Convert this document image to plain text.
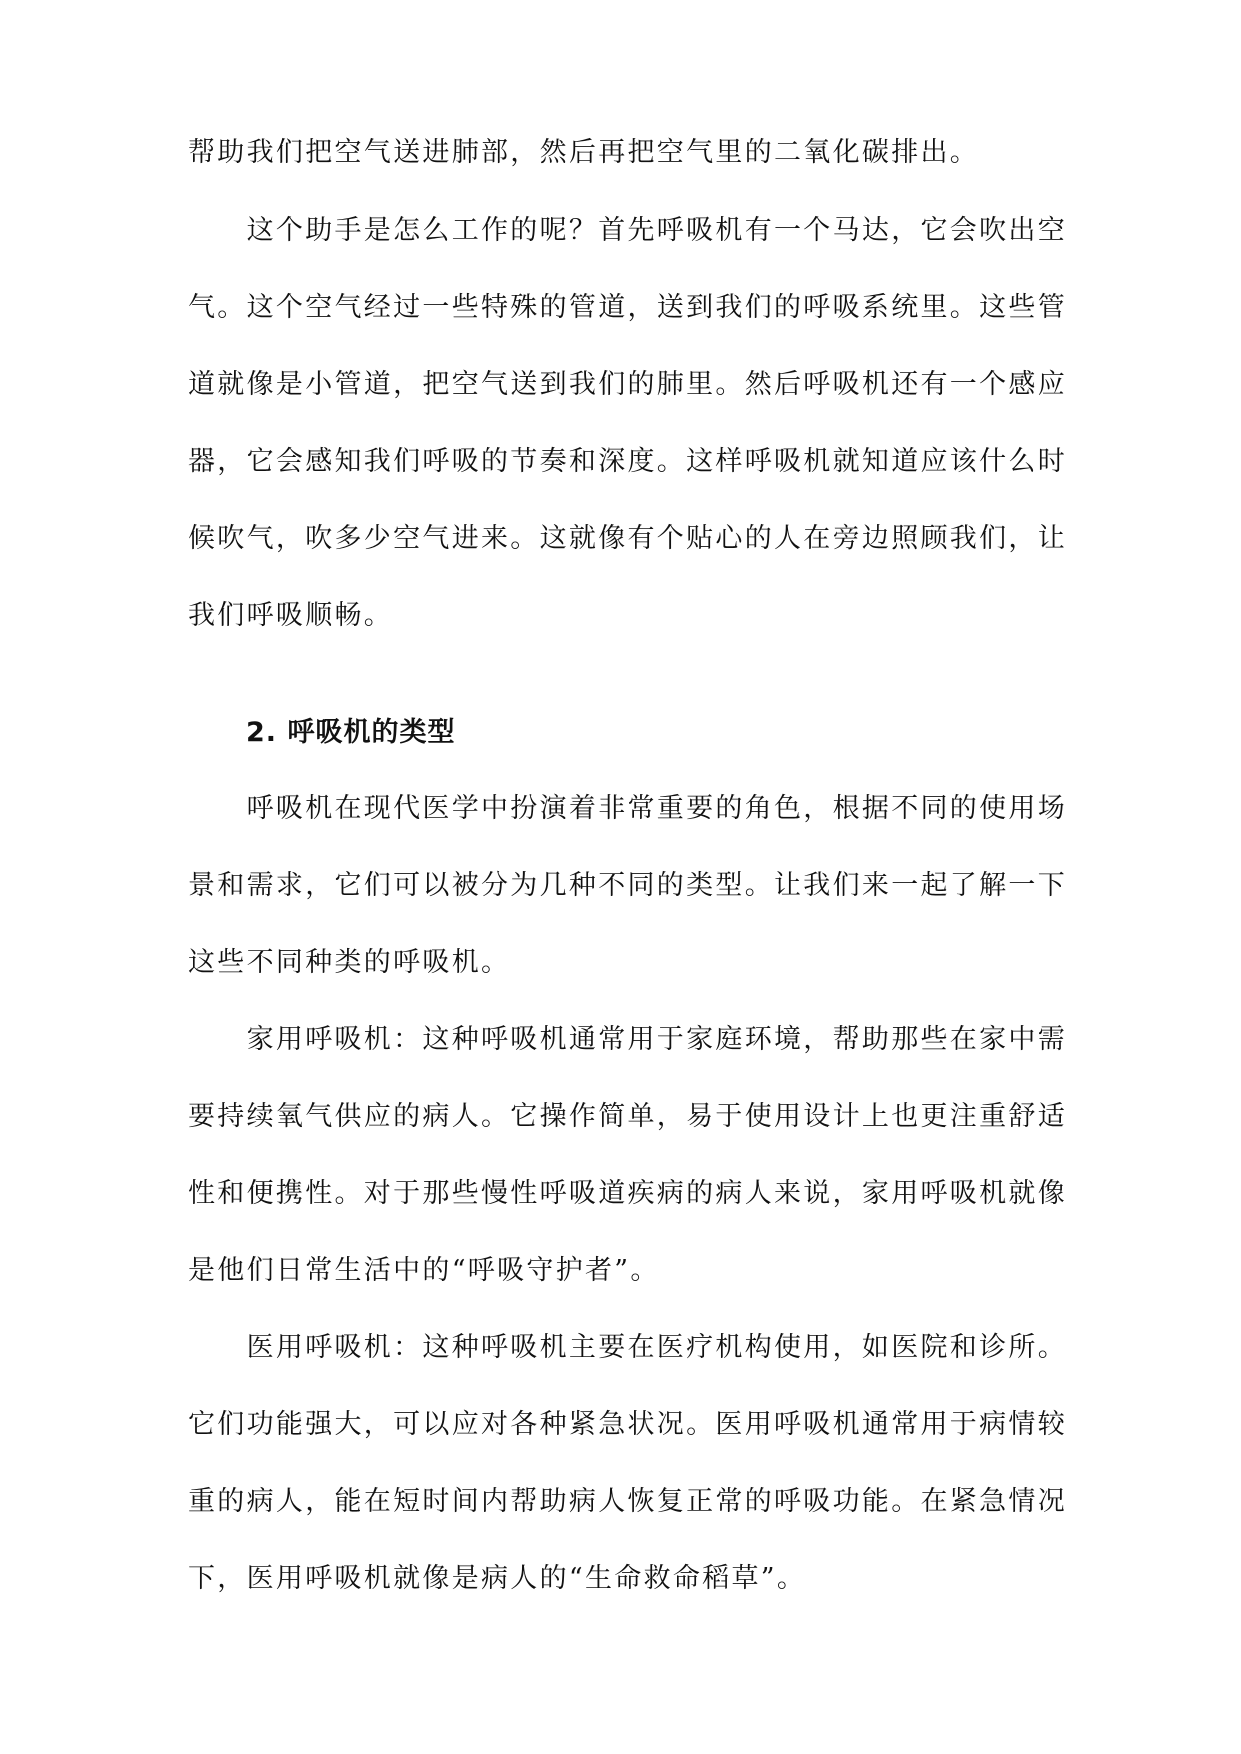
帮助我们把空气送进肺部，然后再把空气里的二氧化碳排出。
　　这个助手是怎么工作的呢？首先呼吸机有一个马达，它会吹出空
气。这个空气经过一些特殊的管道，送到我们的呼吸系统里。这些管
道就像是小管道，把空气送到我们的肺里。然后呼吸机还有一个感应
器，它会感知我们呼吸的节奏和深度。这样呼吸机就知道应该什么时
候吹气，吹多少空气进来。这就像有个贴心的人在旁边照顾我们，让
我们呼吸顺畅。
2. 呼吸机的类型
　　呼吸机在现代医学中扮演着非常重要的角色，根据不同的使用场
景和需求，它们可以被分为几种不同的类型。让我们来一起了解一下
这些不同种类的呼吸机。
　　家用呼吸机：这种呼吸机通常用于家庭环境，帮助那些在家中需
要持续氧气供应的病人。它操作简单，易于使用设计上也更注重舒适
性和便携性。对于那些慢性呼吸道疾病的病人来说，家用呼吸机就像
是他们日常生活中的“呼吸守护者”。
　　医用呼吸机：这种呼吸机主要在医疗机构使用，如医院和诊所。
它们功能强大，可以应对各种紧急状况。医用呼吸机通常用于病情较
重的病人，能在短时间内帮助病人恢复正常的呼吸功能。在紧急情况
下，医用呼吸机就像是病人的“生命救命稻草”。
